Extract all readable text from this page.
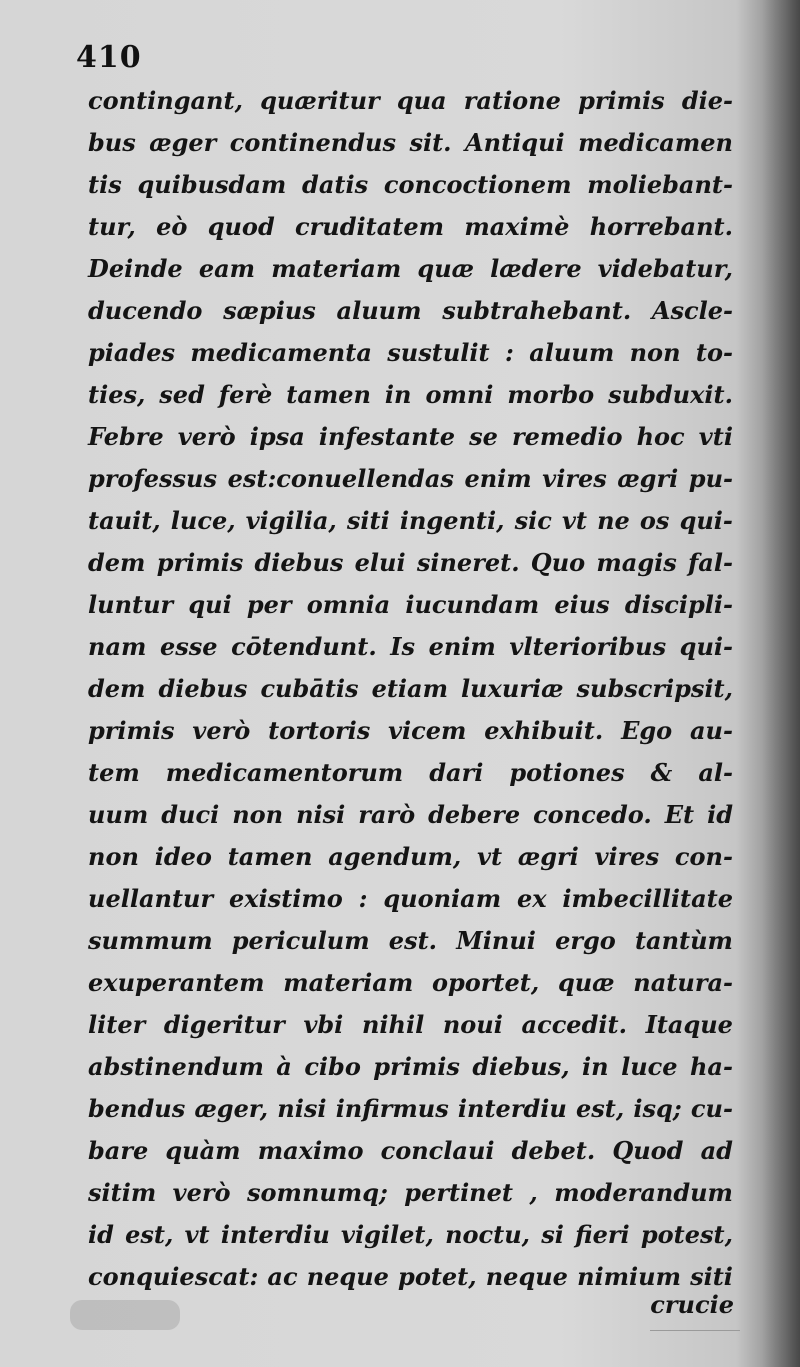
410
contingant, quæritur qua ratione primis die-
bus æger continendus sit. Antiqui medicamen
tis quibusdam datis concoctionem moliebant-
tur, eò quod cruditatem maximè horrebant.
Deinde eam materiam quæ lædere videbatur,
ducendo sæpius aluum subtrahebant. Ascle-
piades medicamenta sustulit : aluum non to-
ties, sed ferè tamen in omni morbo subduxit.
Febre verò ipsa infestante se remedio hoc vti
professus est:conuellendas enim vires ægri pu-
tauit, luce, vigilia, siti ingenti, sic vt ne os qui-
dem primis diebus elui sineret. Quo magis fal-
luntur qui per omnia iucundam eius discipli-
nam esse cōtendunt. Is enim vlterioribus qui-
dem diebus cubātis etiam luxuriæ subscripsit,
primis verò tortoris vicem exhibuit. Ego au-
tem medicamentorum dari potiones & al-
uum duci non nisi rarò debere concedo. Et id
non ideo tamen agendum, vt ægri vires con-
uellantur existimo : quoniam ex imbecillitate
summum periculum est. Minui ergo tantùm
exuperantem materiam oportet, quæ natura-
liter digeritur vbi nihil noui accedit. Itaque
abstinendum à cibo primis diebus, in luce ha-
bendus æger, nisi infirmus interdiu est, isq; cu-
bare quàm maximo conclaui debet. Quod ad
sitim verò somnumq; pertinet , moderandum
id est, vt interdiu vigilet, noctu, si fieri potest,
conquiescat: ac neque potet, neque nimium siti
crucie
